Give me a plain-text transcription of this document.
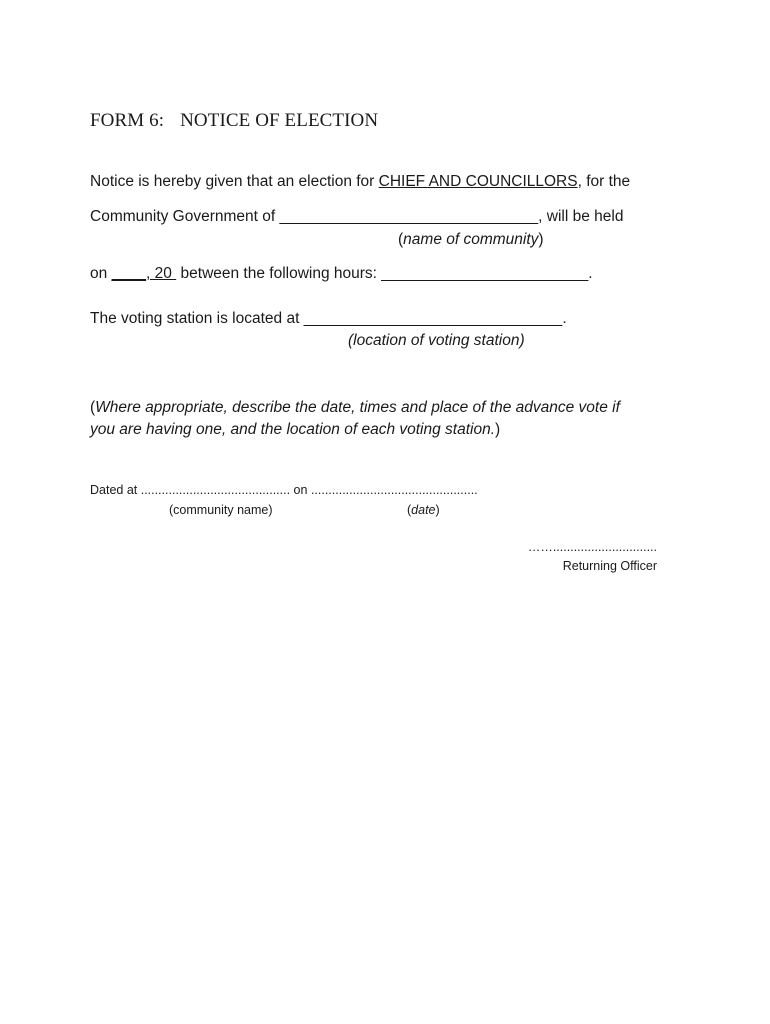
FORM 6: NOTICE OF ELECTION
Notice is hereby given that an election for CHIEF AND COUNCILLORS, for the
Community Government of ______________________________, will be held
(name of community)
on ____, 20  between the following hours: ________________________.
The voting station is located at ______________________________.
(location of voting station)
(Where appropriate, describe the date, times and place of the advance vote if
you are having one, and the location of each voting station.)
Dated at ........................................... on ................................................
(community name)	(date)
……..............................
Returning Officer
